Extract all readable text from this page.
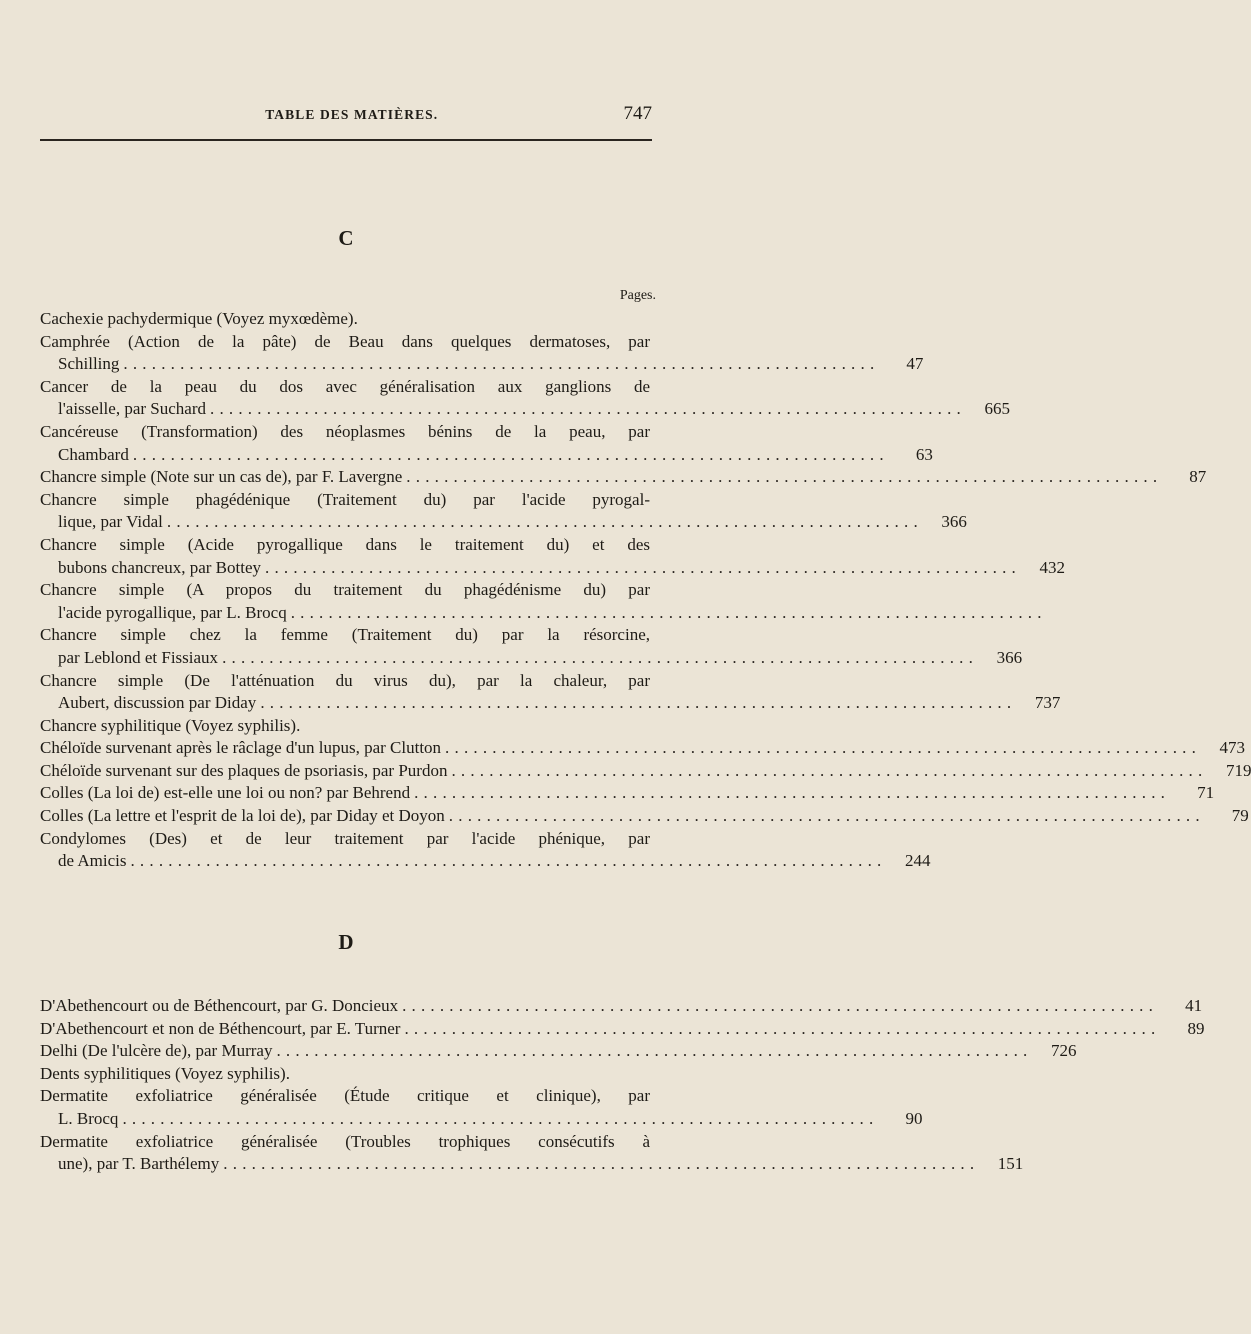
TABLE DES MATIÈRES.	747
C
Pages.
Cachexie pachydermique (Voyez myxœdème).
Camphrée (Action de la pâte) de Beau dans quelques dermatoses, par
Schilling ................................................................................	47
Cancer de la peau du dos avec généralisation aux ganglions de
l'aisselle, par Suchard ................................................................................	665
Cancéreuse (Transformation) des néoplasmes bénins de la peau, par
Chambard ................................................................................	63
Chancre simple (Note sur un cas de), par F. Lavergne ................................................................................	87
Chancre simple phagédénique (Traitement du) par l'acide pyrogal-
lique, par Vidal ................................................................................	366
Chancre simple (Acide pyrogallique dans le traitement du) et des
bubons chancreux, par Bottey ................................................................................	432
Chancre simple (A propos du traitement du phagédénisme du) par
l'acide pyrogallique, par L. Brocq ................................................................................
Chancre simple chez la femme (Traitement du) par la résorcine,
par Leblond et Fissiaux ................................................................................	366
Chancre simple (De l'atténuation du virus du), par la chaleur, par
Aubert, discussion par Diday ................................................................................	737
Chancre syphilitique (Voyez syphilis).
Chéloïde survenant après le râclage d'un lupus, par Clutton ................................................................................	473
Chéloïde survenant sur des plaques de psoriasis, par Purdon ................................................................................	719
Colles (La loi de) est-elle une loi ou non? par Behrend ................................................................................	71
Colles (La lettre et l'esprit de la loi de), par Diday et Doyon ................................................................................	79
Condylomes (Des) et de leur traitement par l'acide phénique, par
de Amicis ................................................................................	244
D
D'Abethencourt ou de Béthencourt, par G. Doncieux ................................................................................	41
D'Abethencourt et non de Béthencourt, par E. Turner ................................................................................	89
Delhi (De l'ulcère de), par Murray ................................................................................	726
Dents syphilitiques (Voyez syphilis).
Dermatite exfoliatrice généralisée (Étude critique et clinique), par
L. Brocq ................................................................................	90
Dermatite exfoliatrice généralisée (Troubles trophiques consécutifs à
une), par T. Barthélemy ................................................................................	151
